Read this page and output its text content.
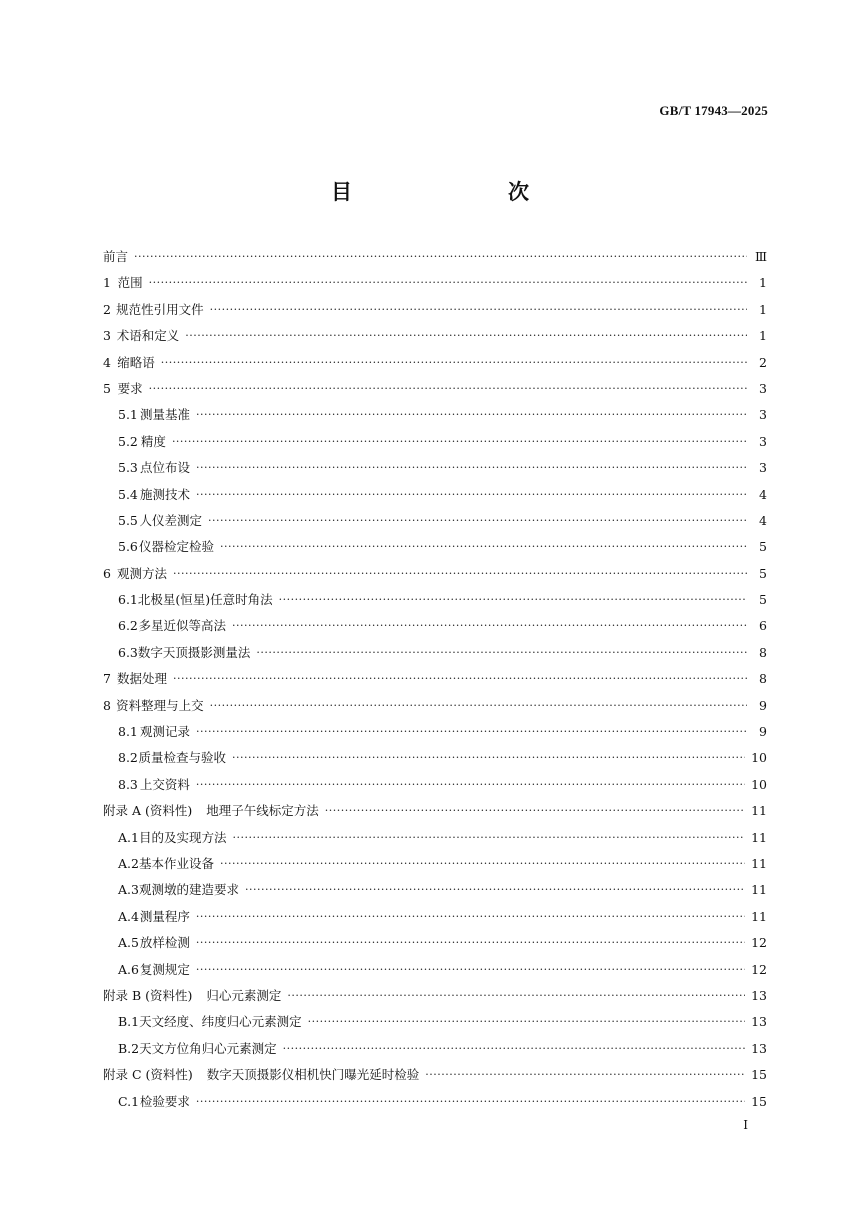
GB/T 17943—2025
目　　次
前言 ·····	Ⅲ
1 范围 ·····	1
2 规范性引用文件 ·····	1
3 术语和定义 ·····	1
4 缩略语 ·····	2
5 要求 ·····	3
5.1 测量基准 ·····	3
5.2 精度 ·····	3
5.3 点位布设 ·····	3
5.4 施测技术 ·····	4
5.5 人仪差测定 ·····	4
5.6 仪器检定检验 ·····	5
6 观测方法 ·····	5
6.1 北极星(恒星)任意时角法 ·····	5
6.2 多星近似等高法 ·····	6
6.3 数字天顶摄影测量法 ·····	8
7 数据处理 ·····	8
8 资料整理与上交 ·····	9
8.1 观测记录 ·····	9
8.2 质量检查与验收 ·····	10
8.3 上交资料 ·····	10
附录 A (资料性) 地理子午线标定方法 ·····	11
A.1 目的及实现方法 ·····	11
A.2 基本作业设备 ·····	11
A.3 观测墩的建造要求 ·····	11
A.4 测量程序 ·····	11
A.5 放样检测 ·····	12
A.6 复测规定 ·····	12
附录 B (资料性) 归心元素测定 ·····	13
B.1 天文经度、纬度归心元素测定 ·····	13
B.2 天文方位角归心元素测定 ·····	13
附录 C (资料性) 数字天顶摄影仪相机快门曝光延时检验 ·····	15
C.1 检验要求 ·····	15
I
